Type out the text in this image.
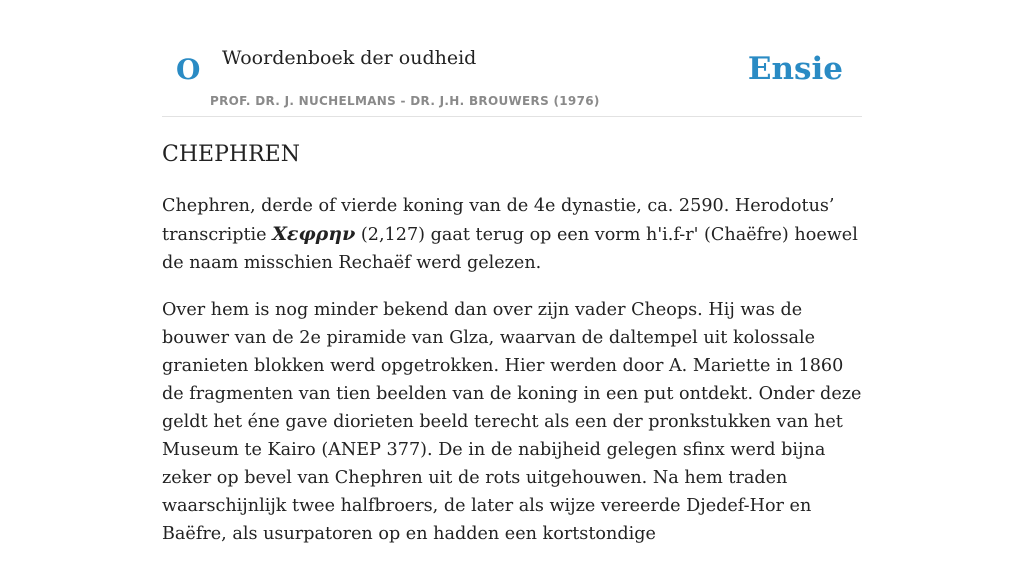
O Woordenboek der oudheid
PROF. DR. J. NUCHELMANS - DR. J.H. BROUWERS (1976)
Ensie
CHEPHREN

Chephren, derde of vierde koning van de 4e dynastie, ca. 2590. Herodotus’ transcriptie Χεφρην (2,127) gaat terug op een vorm h'i.f-r' (Chaëfre) hoewel de naam misschien Rechaëf werd gelezen.

Over hem is nog minder bekend dan over zijn vader Cheops. Hij was de bouwer van de 2e piramide van Glza, waarvan de daltempel uit kolossale granieten blokken werd opgetrokken. Hier werden door A. Mariette in 1860 de fragmenten van tien beelden van de koning in een put ontdekt. Onder deze geldt het éne gave diorieten beeld terecht als een der pronkstukken van het Museum te Kairo (ANEP 377). De in de nabijheid gelegen sfinx werd bijna zeker op bevel van Chephren uit de rots uitgehouwen. Na hem traden waarschijnlijk twee halfbroers, de later als wijze vereerde Djedef-Hor en Baëfre, als usurpatoren op en hadden een kortstondige
